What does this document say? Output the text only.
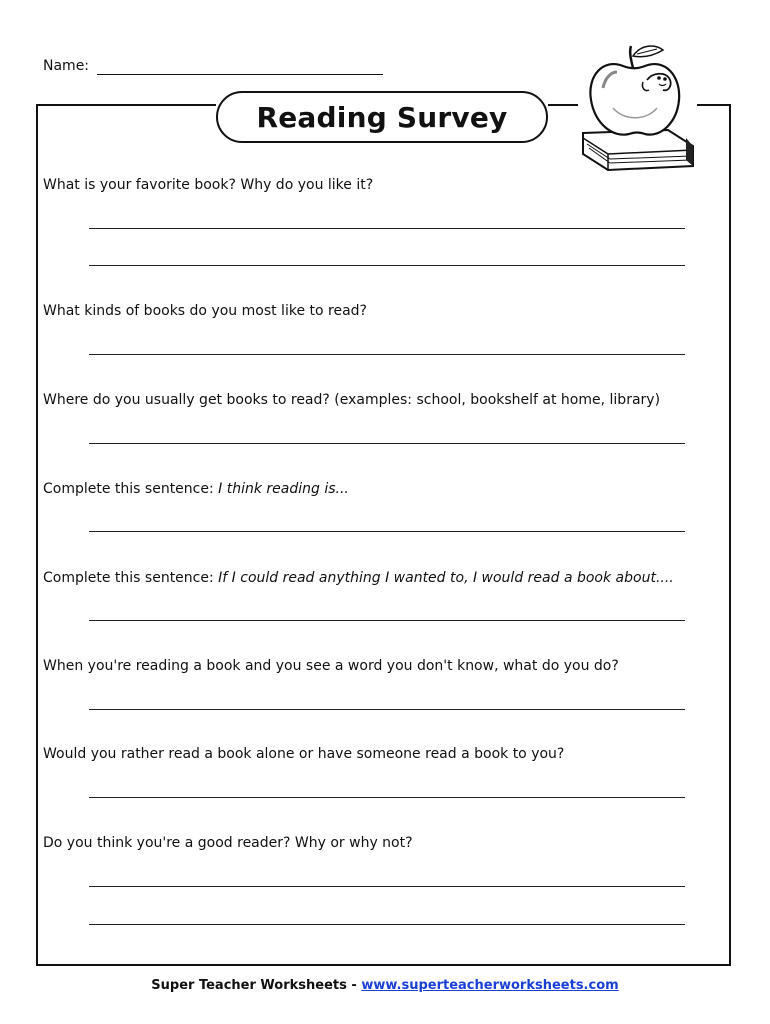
Name:
Reading Survey
What is your favorite book? Why do you like it?
What kinds of books do you most like to read?
Where do you usually get books to read? (examples: school, bookshelf at home, library)
Complete this sentence: I think reading is...
Complete this sentence: If I could read anything I wanted to, I would read a book about....
When you're reading a book and you see a word you don't know, what do you do?
Would you rather read a book alone or have someone read a book to you?
Do you think you're a good reader? Why or why not?
Super Teacher Worksheets - www.superteacherworksheets.com
